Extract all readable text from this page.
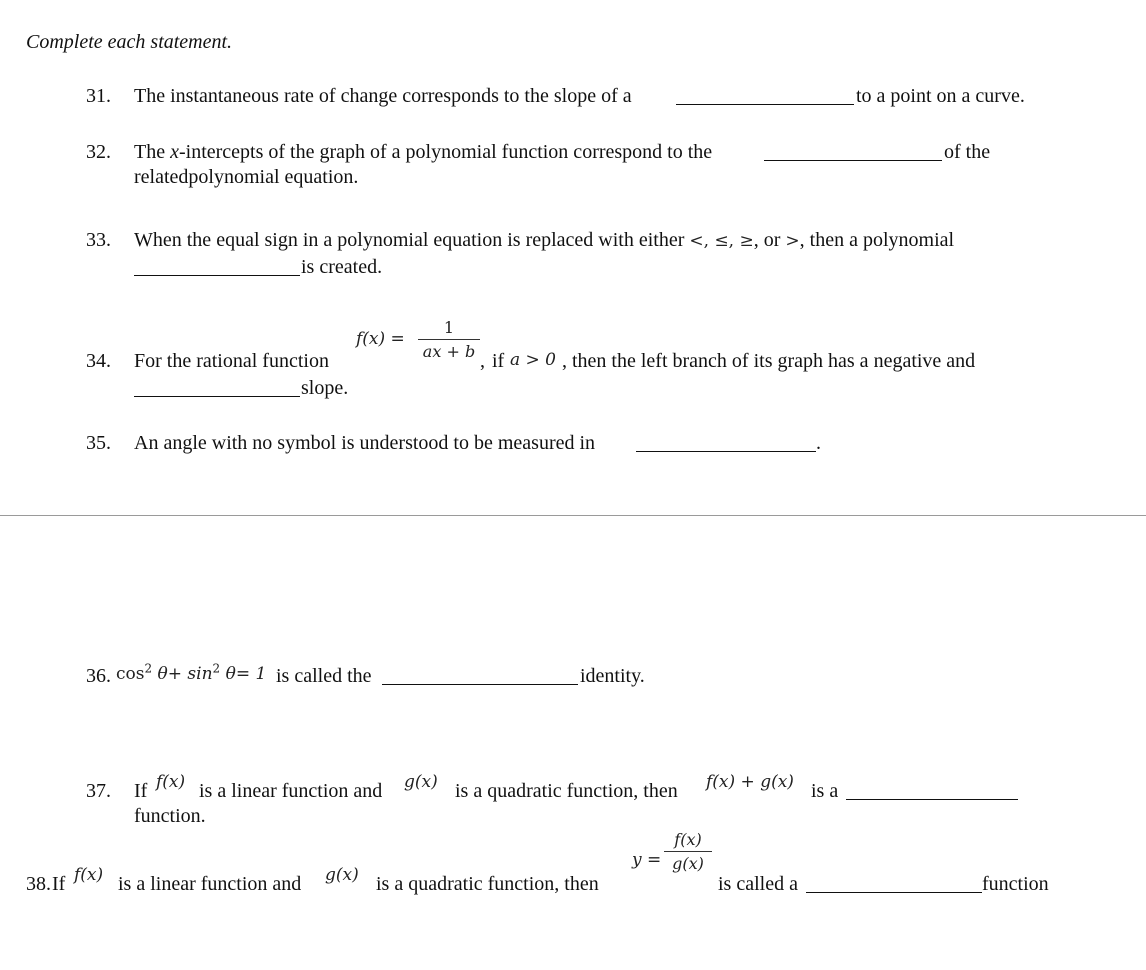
Complete each statement.
31. The instantaneous rate of change corresponds to the slope of a	to a point on a curve.
32. The x-intercepts of the graph of a polynomial function correspond to the	of the
relatedpolynomial equation.
33. When the equal sign in a polynomial equation is replaced with either <, ≤, ≥, or >, then a polynomial
is created.
34. For the rational function
f(x) =
1
ax + b , if a > 0 , then the left branch of its graph has a negative and
slope.
35. An angle with no symbol is understood to be measured in	.
36. $\cos^2 \theta+ \sin^2 \theta= 1$ is called the	identity.
37. If f(x) is a linear function and g(x) is a quadratic function, then f(x) + g(x) is a
function.
38. If f(x) is a linear function and g(x) is a quadratic function, then
y =
f(x)
g(x)
is called a	function
